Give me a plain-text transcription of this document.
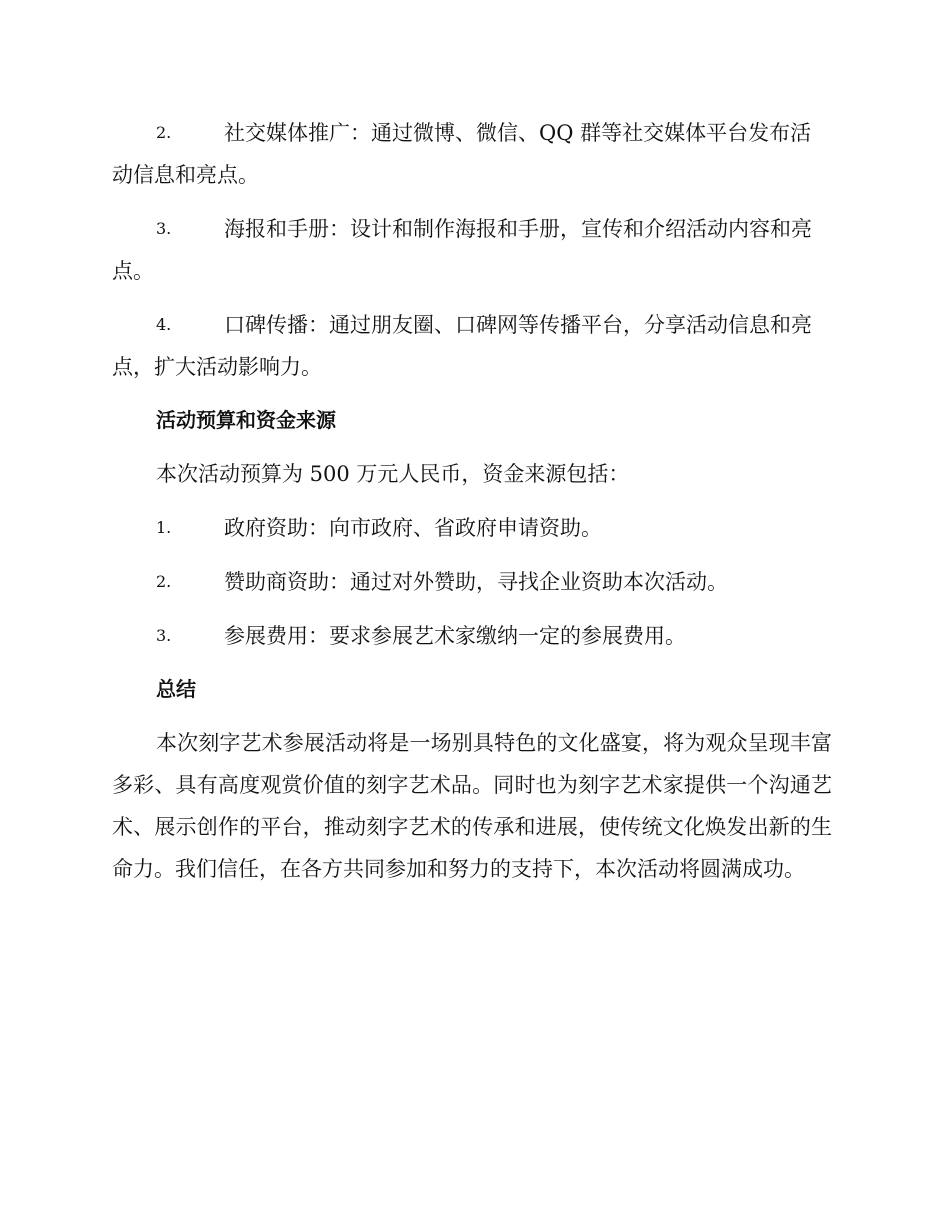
2.	社交媒体推广：通过微博、微信、QQ 群等社交媒体平台发布活动信息和亮点。
3.	海报和手册：设计和制作海报和手册，宣传和介绍活动内容和亮点。
4.	口碑传播：通过朋友圈、口碑网等传播平台，分享活动信息和亮点，扩大活动影响力。
活动预算和资金来源
本次活动预算为 500 万元人民币，资金来源包括：
1.	政府资助：向市政府、省政府申请资助。
2.	赞助商资助：通过对外赞助，寻找企业资助本次活动。
3.	参展费用：要求参展艺术家缴纳一定的参展费用。
总结
本次刻字艺术参展活动将是一场别具特色的文化盛宴，将为观众呈现丰富多彩、具有高度观赏价值的刻字艺术品。同时也为刻字艺术家提供一个沟通艺术、展示创作的平台，推动刻字艺术的传承和进展，使传统文化焕发出新的生命力。我们信任，在各方共同参加和努力的支持下，本次活动将圆满成功。
